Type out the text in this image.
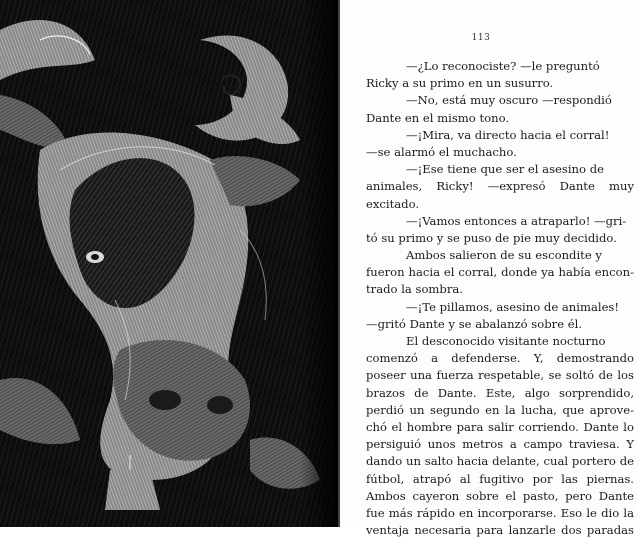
113
—¿Lo reconociste? —le preguntó
Ricky a su primo en un susurro.
—No, está muy oscuro —respondió
Dante en el mismo tono.
—¡Mira, va directo hacia el corral!
—se alarmó el muchacho.
—¡Ese tiene que ser el asesino de
animales, Ricky! —expresó Dante muy
excitado.
—¡Vamos entonces a atraparlo! —gri-
tó su primo y se puso de pie muy decidido.
Ambos salieron de su escondite y
fueron hacia el corral, donde ya había encon-
trado la sombra.
—¡Te pillamos, asesino de animales!
—gritó Dante y se abalanzó sobre él.
El desconocido visitante nocturno
comenzó a defenderse. Y, demostrando
poseer una fuerza respetable, se soltó de los
brazos de Dante. Este, algo sorprendido,
perdió un segundo en la lucha, que aprove-
chó el hombre para salir corriendo. Dante lo
persiguió unos metros a campo traviesa. Y
dando un salto hacia delante, cual portero de
fútbol, atrapó al fugitivo por las piernas.
Ambos cayeron sobre el pasto, pero Dante
fue más rápido en incorporarse. Eso le dio la
ventaja necesaria para lanzarle dos paradas
